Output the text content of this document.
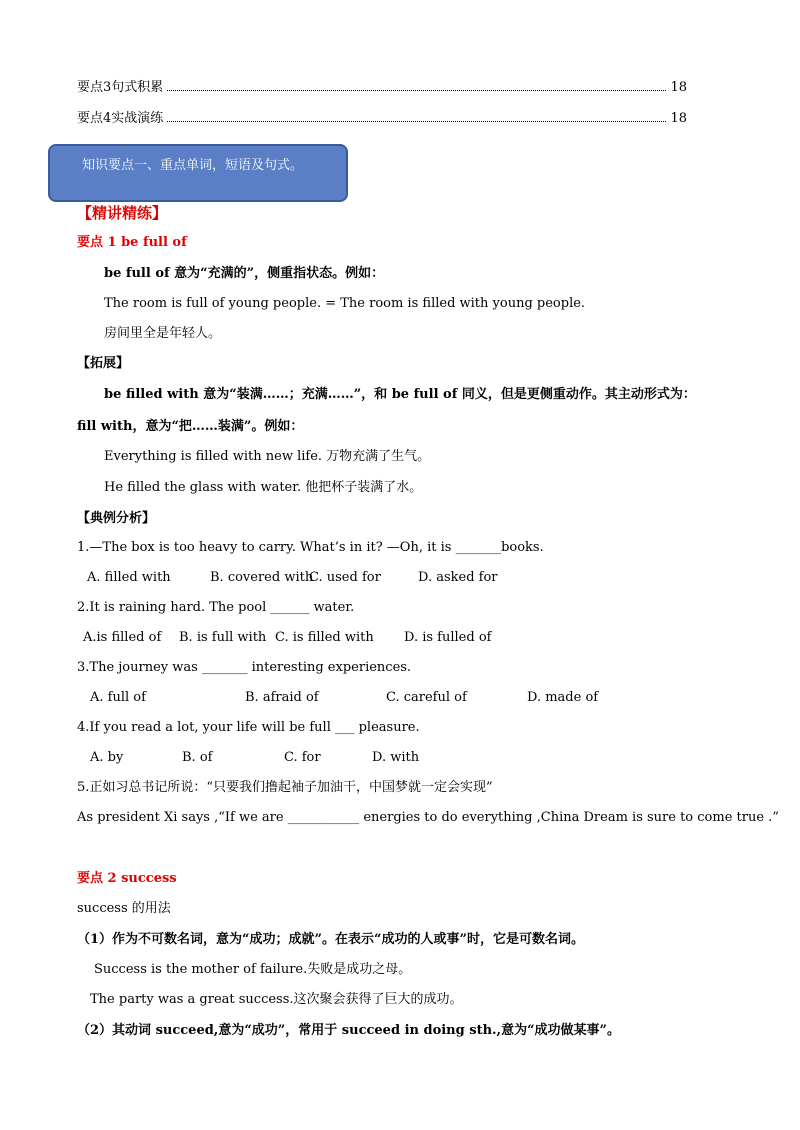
要点3句式积累	18
要点4实战演练	18
知识要点一、重点单词，短语及句式。
【精讲精练】
要点 1 be full of
be full of 意为“充满的”，侧重指状态。例如：
The room is full of young people. = The room is filled with young people.
房间里全是年轻人。
【拓展】
be filled with 意为“装满……；充满……”，和 be full of 同义，但是更侧重动作。其主动形式为：
fill with，意为“把……装满”。例如：
Everything is filled with new life. 万物充满了生气。
He filled the glass with water. 他把杯子装满了水。
【典例分析】
1.—The box is too heavy to carry. What’s in it? —Oh, it is _______books.
A. filled with	B. covered withC. used for	D. asked for
2.It is raining hard. The pool ______ water.
A.is filled of B. is full with C. is filled with D. is fulled of
3.The journey was _______ interesting experiences.
A. full of	B. afraid of	C. careful of	D. made of
4.If you read a lot, your life will be full ___ pleasure.
A. by	B. of	C. for	D. with
5.正如习总书记所说：“只要我们撸起袖子加油干，中国梦就一定会实现”
As president Xi says ,“If we are ___________ energies to do everything ,China Dream is sure to come true .”
要点 2 success
success 的用法
（1）作为不可数名词，意为“成功；成就”。在表示“成功的人或事”时，它是可数名词。
Success is the mother of failure.失败是成功之母。
The party was a great success.这次聚会获得了巨大的成功。
（2）其动词 succeed,意为“成功”，常用于 succeed in doing sth.,意为“成功做某事”。
